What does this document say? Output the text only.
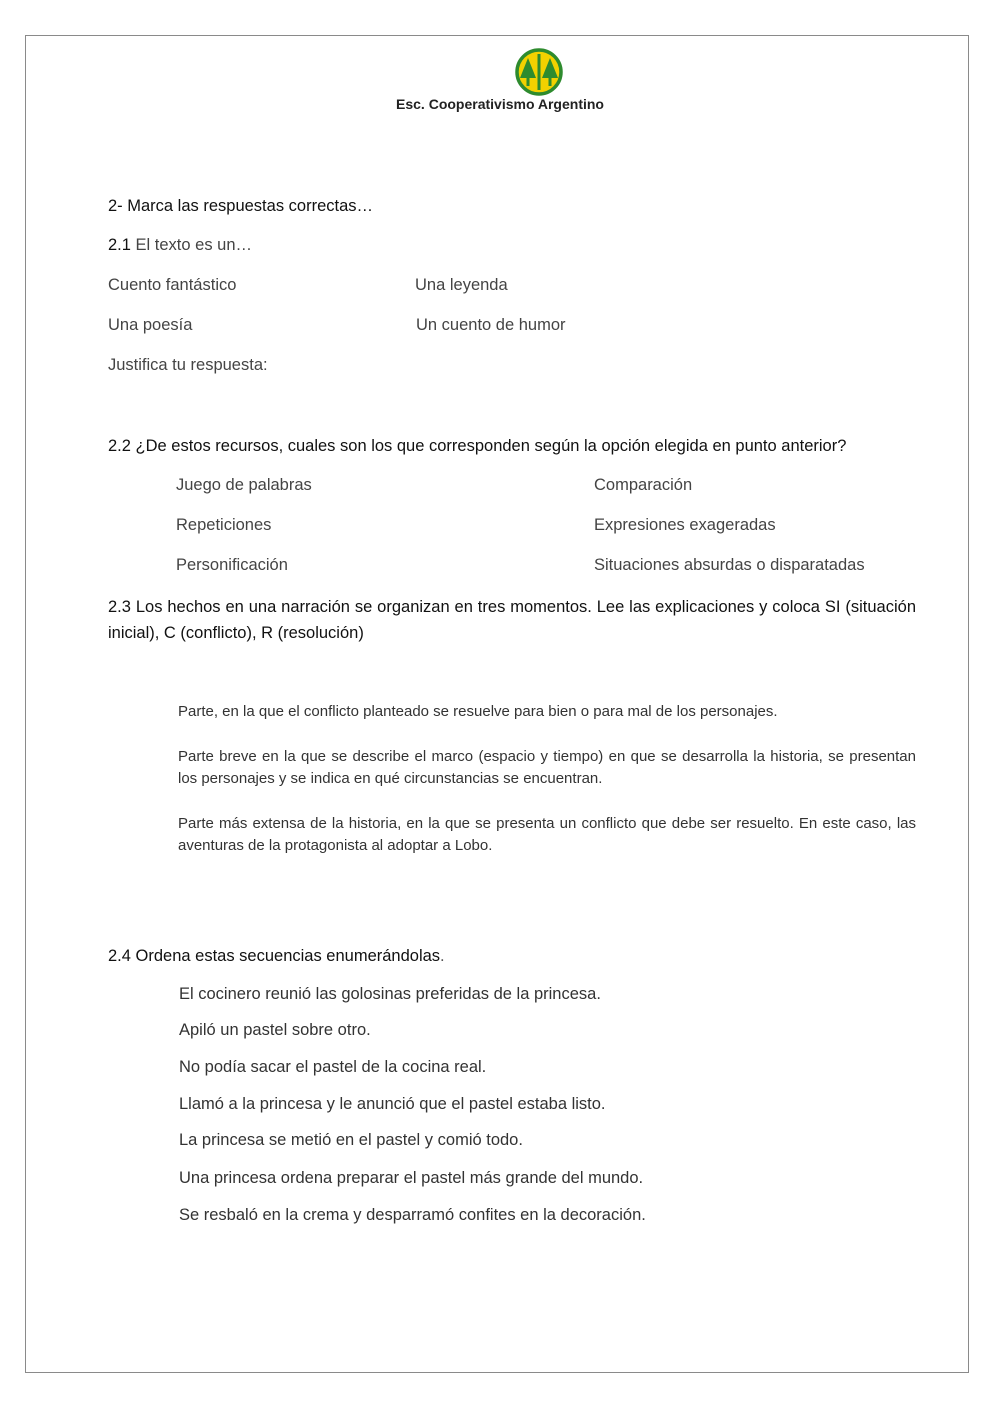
Esc. Cooperativismo Argentino
2- Marca las respuestas correctas…
2.1 El texto es un…
Cuento fantástico	Una leyenda
Una poesía	Un cuento de humor
Justifica tu respuesta:
2.2 ¿De estos recursos, cuales son los que corresponden según la opción elegida en punto anterior?
Juego de palabras	Comparación
Repeticiones	Expresiones exageradas
Personificación	Situaciones absurdas o disparatadas
2.3 Los hechos en una narración se organizan en tres momentos. Lee las explicaciones y coloca SI (situación inicial), C (conflicto), R (resolución)
Parte, en la que el conflicto planteado se resuelve para bien o para mal de los personajes.
Parte breve en la que se describe el marco (espacio y tiempo) en que se desarrolla la historia, se presentan los personajes y se indica en qué circunstancias se encuentran.
Parte más extensa de la historia, en la que se presenta un conflicto que debe ser resuelto. En este caso, las aventuras de la protagonista al adoptar a Lobo.
2.4 Ordena estas secuencias enumerándolas.
El cocinero reunió las golosinas preferidas de la princesa.
Apiló un pastel sobre otro.
No podía sacar el pastel de la cocina real.
Llamó a la princesa y le anunció que el pastel estaba listo.
La princesa se metió en el pastel y comió todo.
Una princesa ordena preparar el pastel más grande del mundo.
Se resbaló en la crema y desparramó confites en la decoración.
